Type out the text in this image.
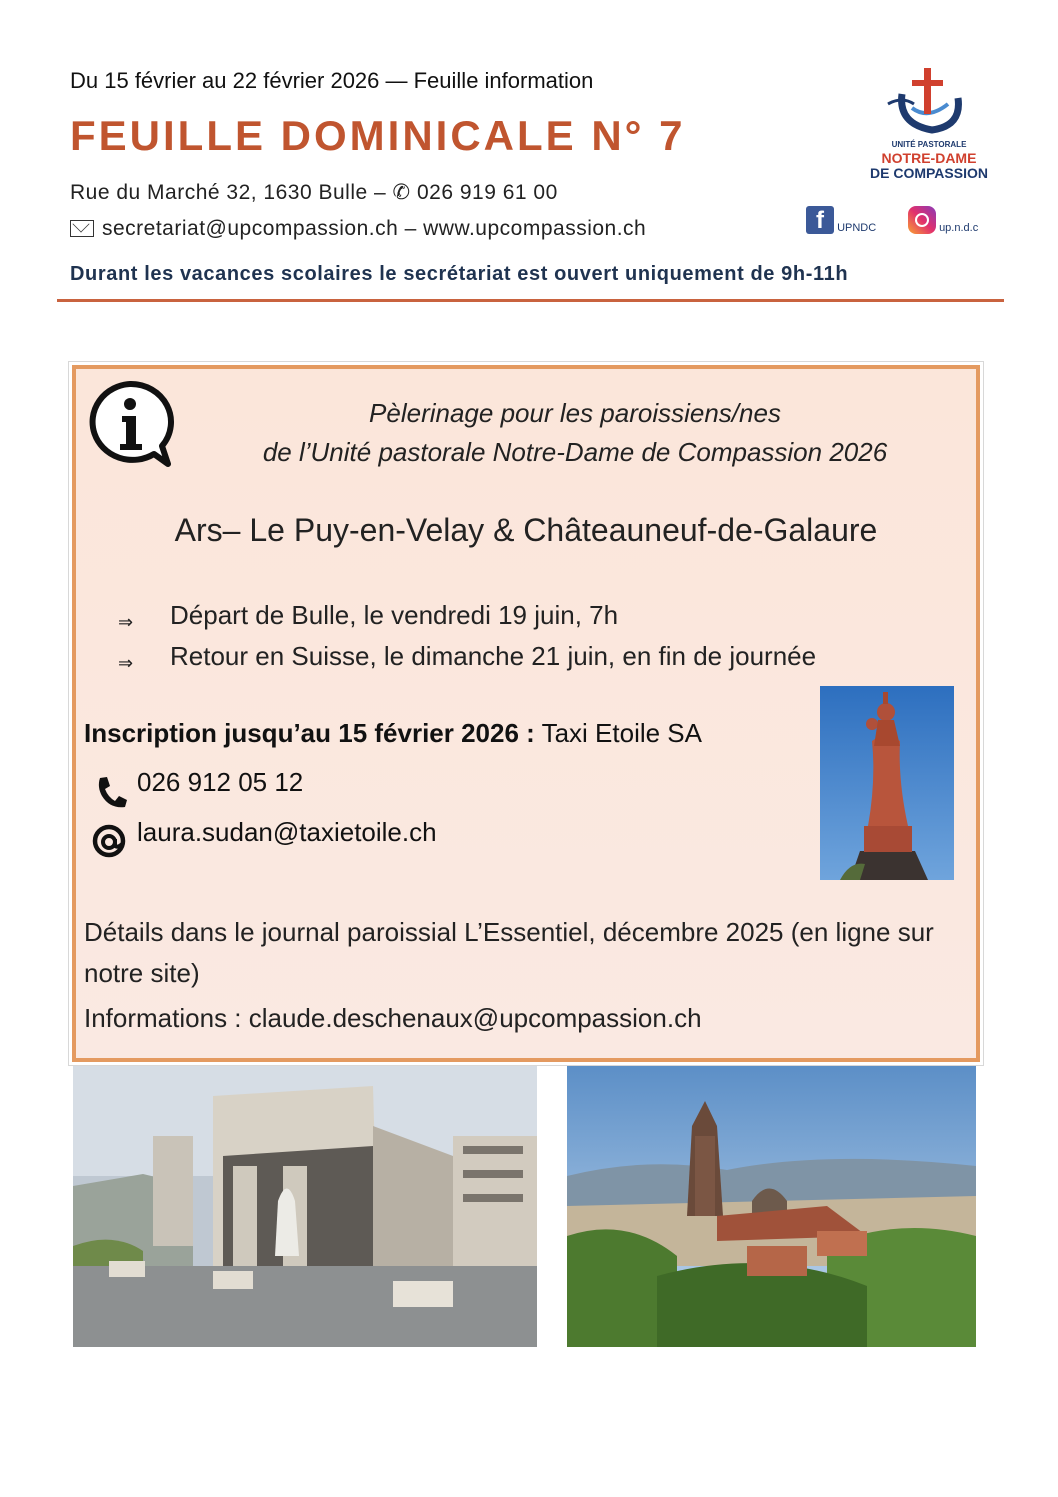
Du 15 février au 22 février 2026 — Feuille information
FEUILLE DOMINICALE N° 7
Rue du Marché 32, 1630 Bulle – ✆ 026 919 61 00
secretariat@upcompassion.ch – www.upcompassion.ch
Durant les vacances scolaires le secrétariat est ouvert uniquement de 9h-11h
UNITÉ PASTORALE
NOTRE-DAME
DE COMPASSION
f UPNDC	up.n.d.c
Pèlerinage pour les paroissiens/nes
de l’Unité pastorale Notre-Dame de Compassion 2026
Ars– Le Puy-en-Velay & Châteauneuf-de-Galaure
⇒ Départ de Bulle, le vendredi 19 juin, 7h
⇒ Retour en Suisse, le dimanche 21 juin, en fin de journée
Inscription jusqu’au 15 février 2026 : Taxi Etoile SA
026 912 05 12
laura.sudan@taxietoile.ch
Détails dans le journal paroissial L’Essentiel, décembre 2025 (en ligne sur notre site)
Informations : claude.deschenaux@upcompassion.ch
